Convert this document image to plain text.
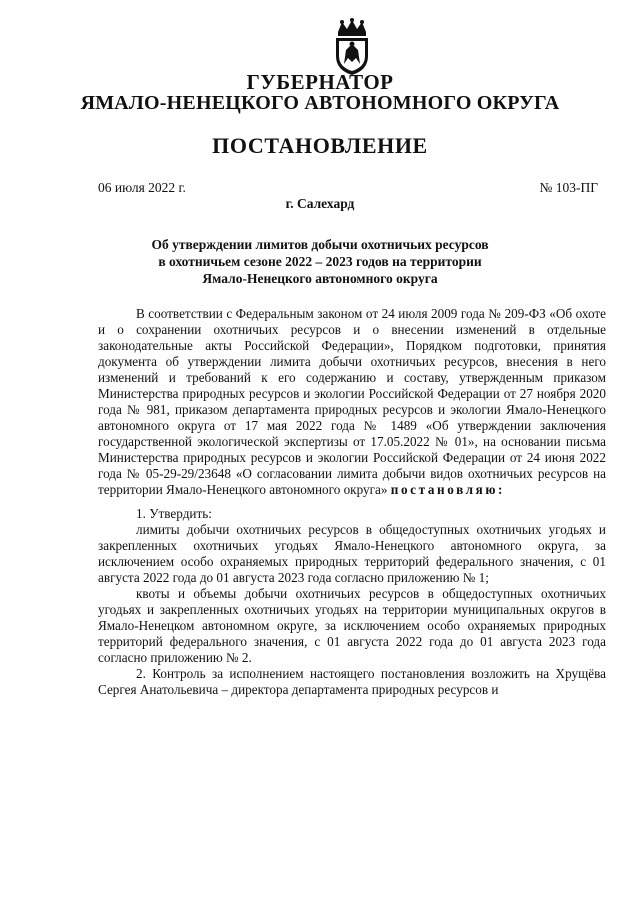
ГУБЕРНАТОР
ЯМАЛО-НЕНЕЦКОГО АВТОНОМНОГО ОКРУГА
ПОСТАНОВЛЕНИЕ
06 июля 2022 г.	№ 103-ПГ
г. Салехард
Об утверждении лимитов добычи охотничьих ресурсов
в охотничьем сезоне 2022 – 2023 годов на территории
Ямало-Ненецкого автономного округа

В соответствии с Федеральным законом от 24 июля 2009 года № 209-ФЗ «Об охоте и о сохранении охотничьих ресурсов и о внесении изменений в отдельные законодательные акты Российской Федерации», Порядком подготовки, принятия документа об утверждении лимита добычи охотничьих ресурсов, внесения в него изменений и требований к его содержанию и составу, утвержденным приказом Министерства природных ресурсов и экологии Российской Федерации от 27 ноября 2020 года № 981, приказом департамента природных ресурсов и экологии Ямало-Ненецкого автономного округа от 17 мая 2022 года № 1489 «Об утверждении заключения государственной экологической экспертизы от 17.05.2022 № 01», на основании письма Министерства природных ресурсов и экологии Российской Федерации от 24 июня 2022 года № 05-29-29/23648 «О согласовании лимита добычи видов охотничьих ресурсов на территории Ямало-Ненецкого автономного округа» постановляю:

1. Утвердить:

лимиты добычи охотничьих ресурсов в общедоступных охотничьих угодьях и закрепленных охотничьих угодьях Ямало-Ненецкого автономного округа, за исключением особо охраняемых природных территорий федерального значения, с 01 августа 2022 года до 01 августа 2023 года согласно приложению № 1;

квоты и объемы добычи охотничьих ресурсов в общедоступных охотничьих угодьях и закрепленных охотничьих угодьях на территории муниципальных округов в Ямало-Ненецком автономном округе, за исключением особо охраняемых природных территорий федерального значения, с 01 августа 2022 года до 01 августа 2023 года согласно приложению № 2.

2. Контроль за исполнением настоящего постановления возложить на Хрущёва Сергея Анатольевича – директора департамента природных ресурсов и
